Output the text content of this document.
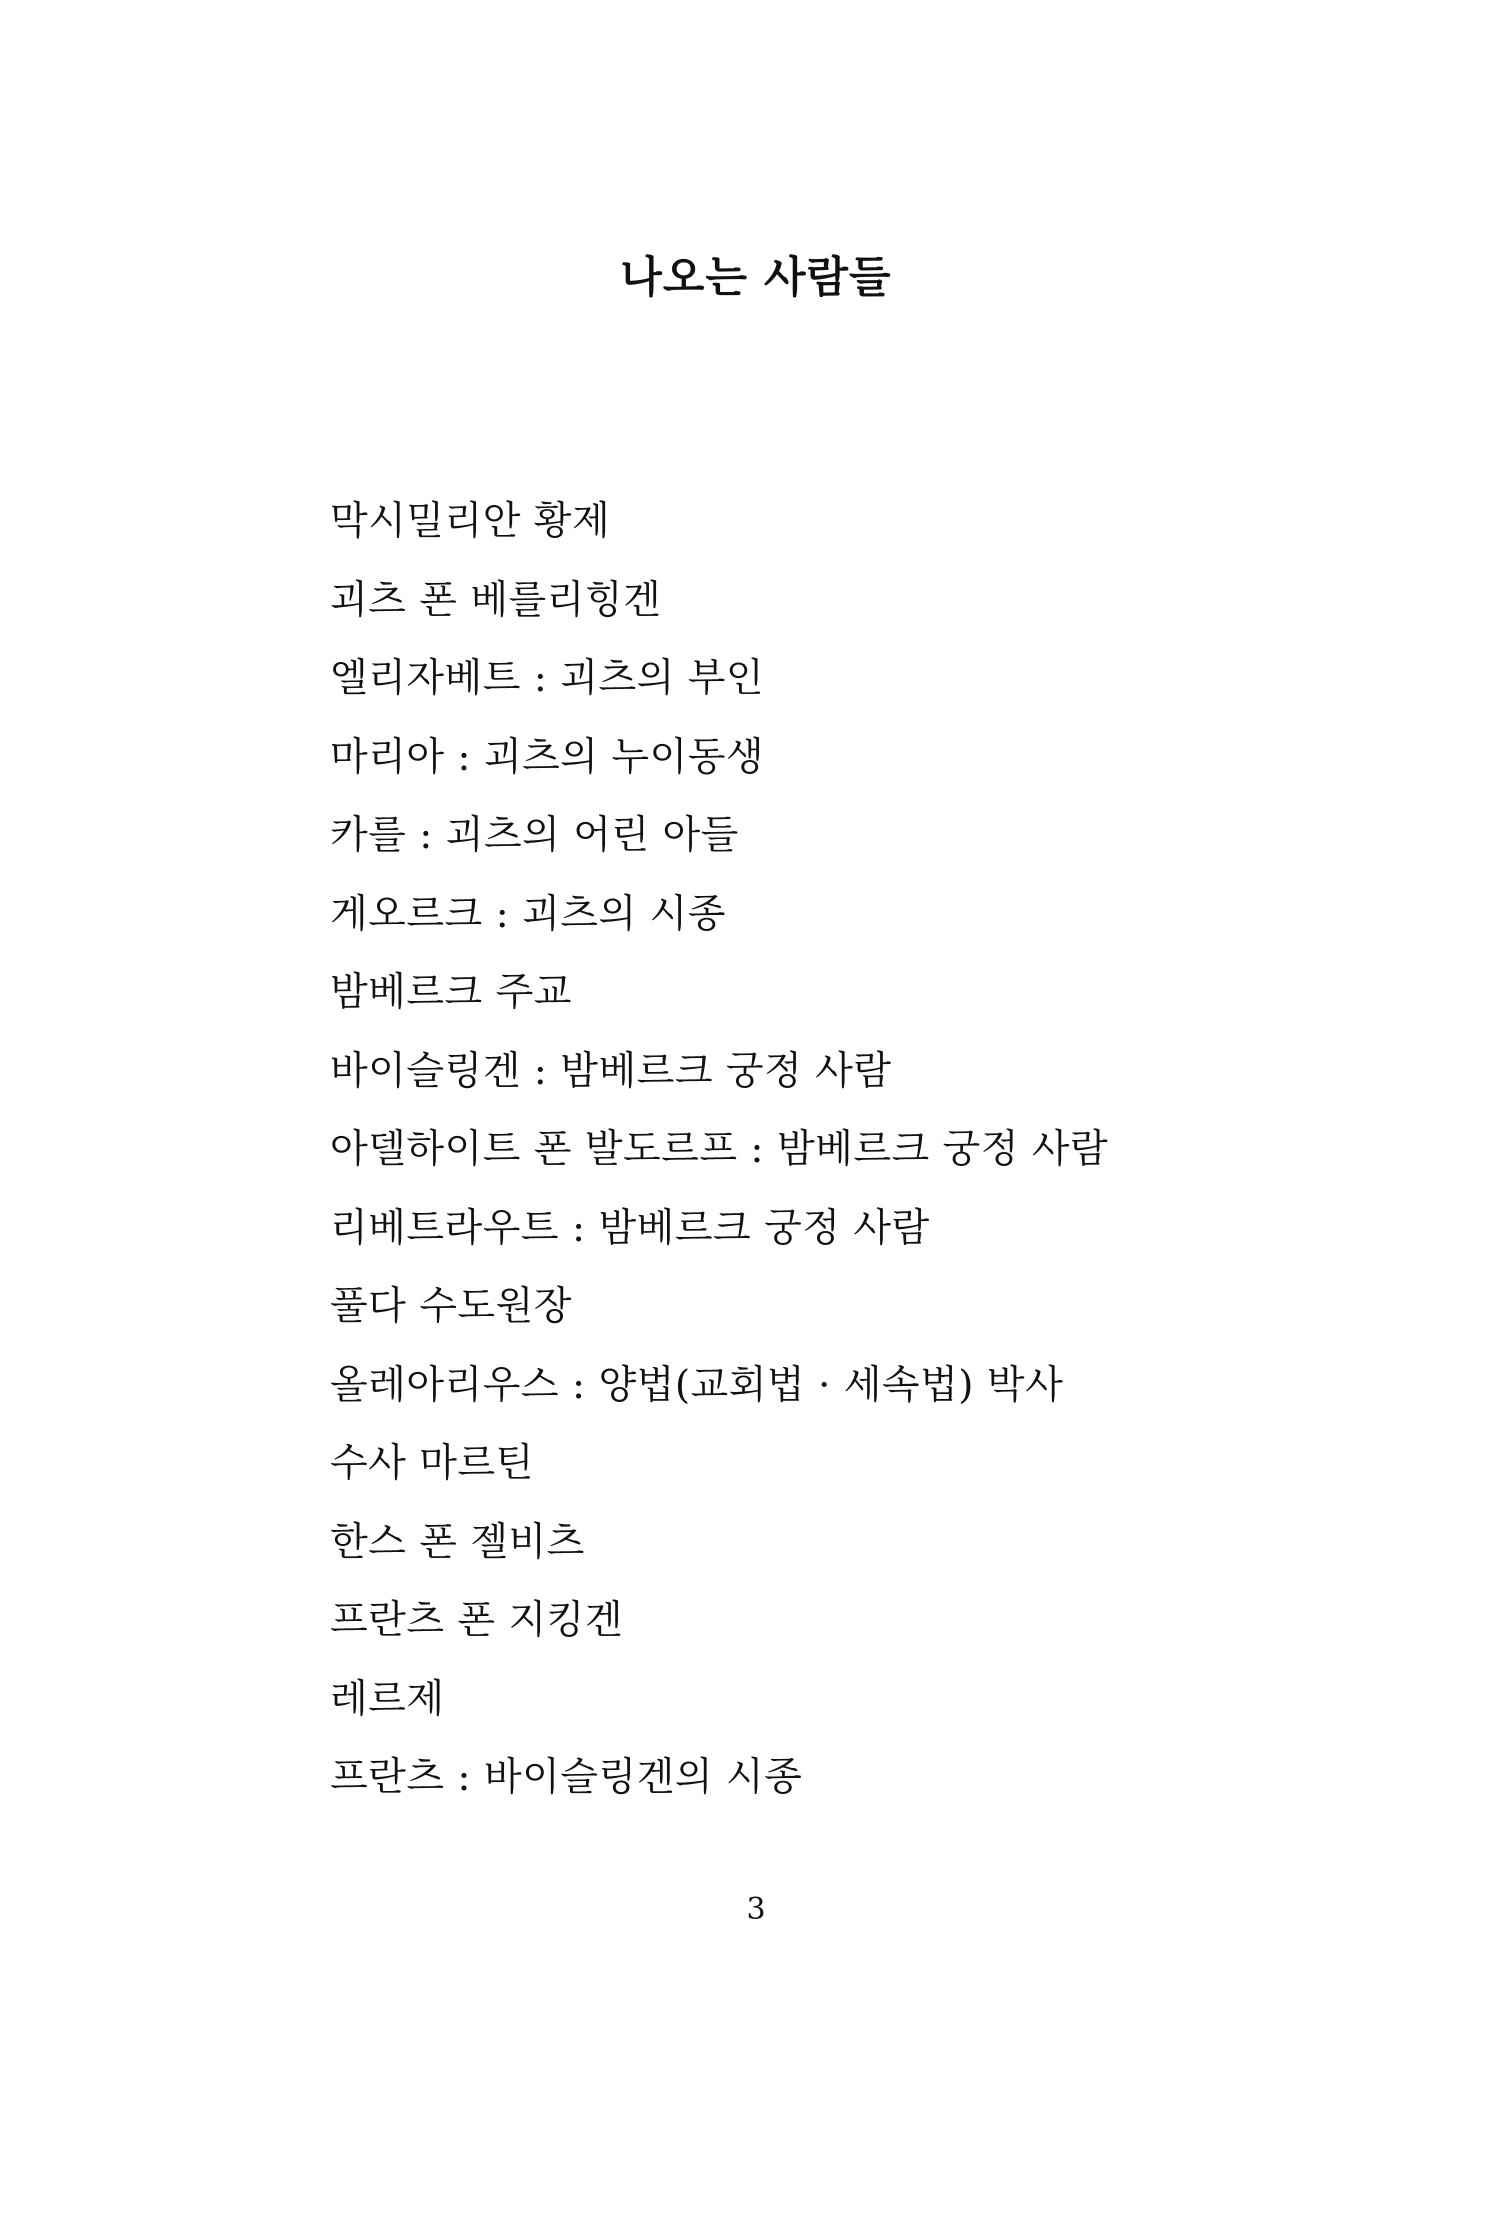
나오는 사람들
막시밀리안 황제
괴츠 폰 베를리힝겐
엘리자베트 : 괴츠의 부인
마리아 : 괴츠의 누이동생
카를 : 괴츠의 어린 아들
게오르크 : 괴츠의 시종
밤베르크 주교
바이슬링겐 : 밤베르크 궁정 사람
아델하이트 폰 발도르프 : 밤베르크 궁정 사람
리베트라우트 : 밤베르크 궁정 사람
풀다 수도원장
올레아리우스 : 양법(교회법 · 세속법) 박사
수사 마르틴
한스 폰 젤비츠
프란츠 폰 지킹겐
레르제
프란츠 : 바이슬링겐의 시종
3
